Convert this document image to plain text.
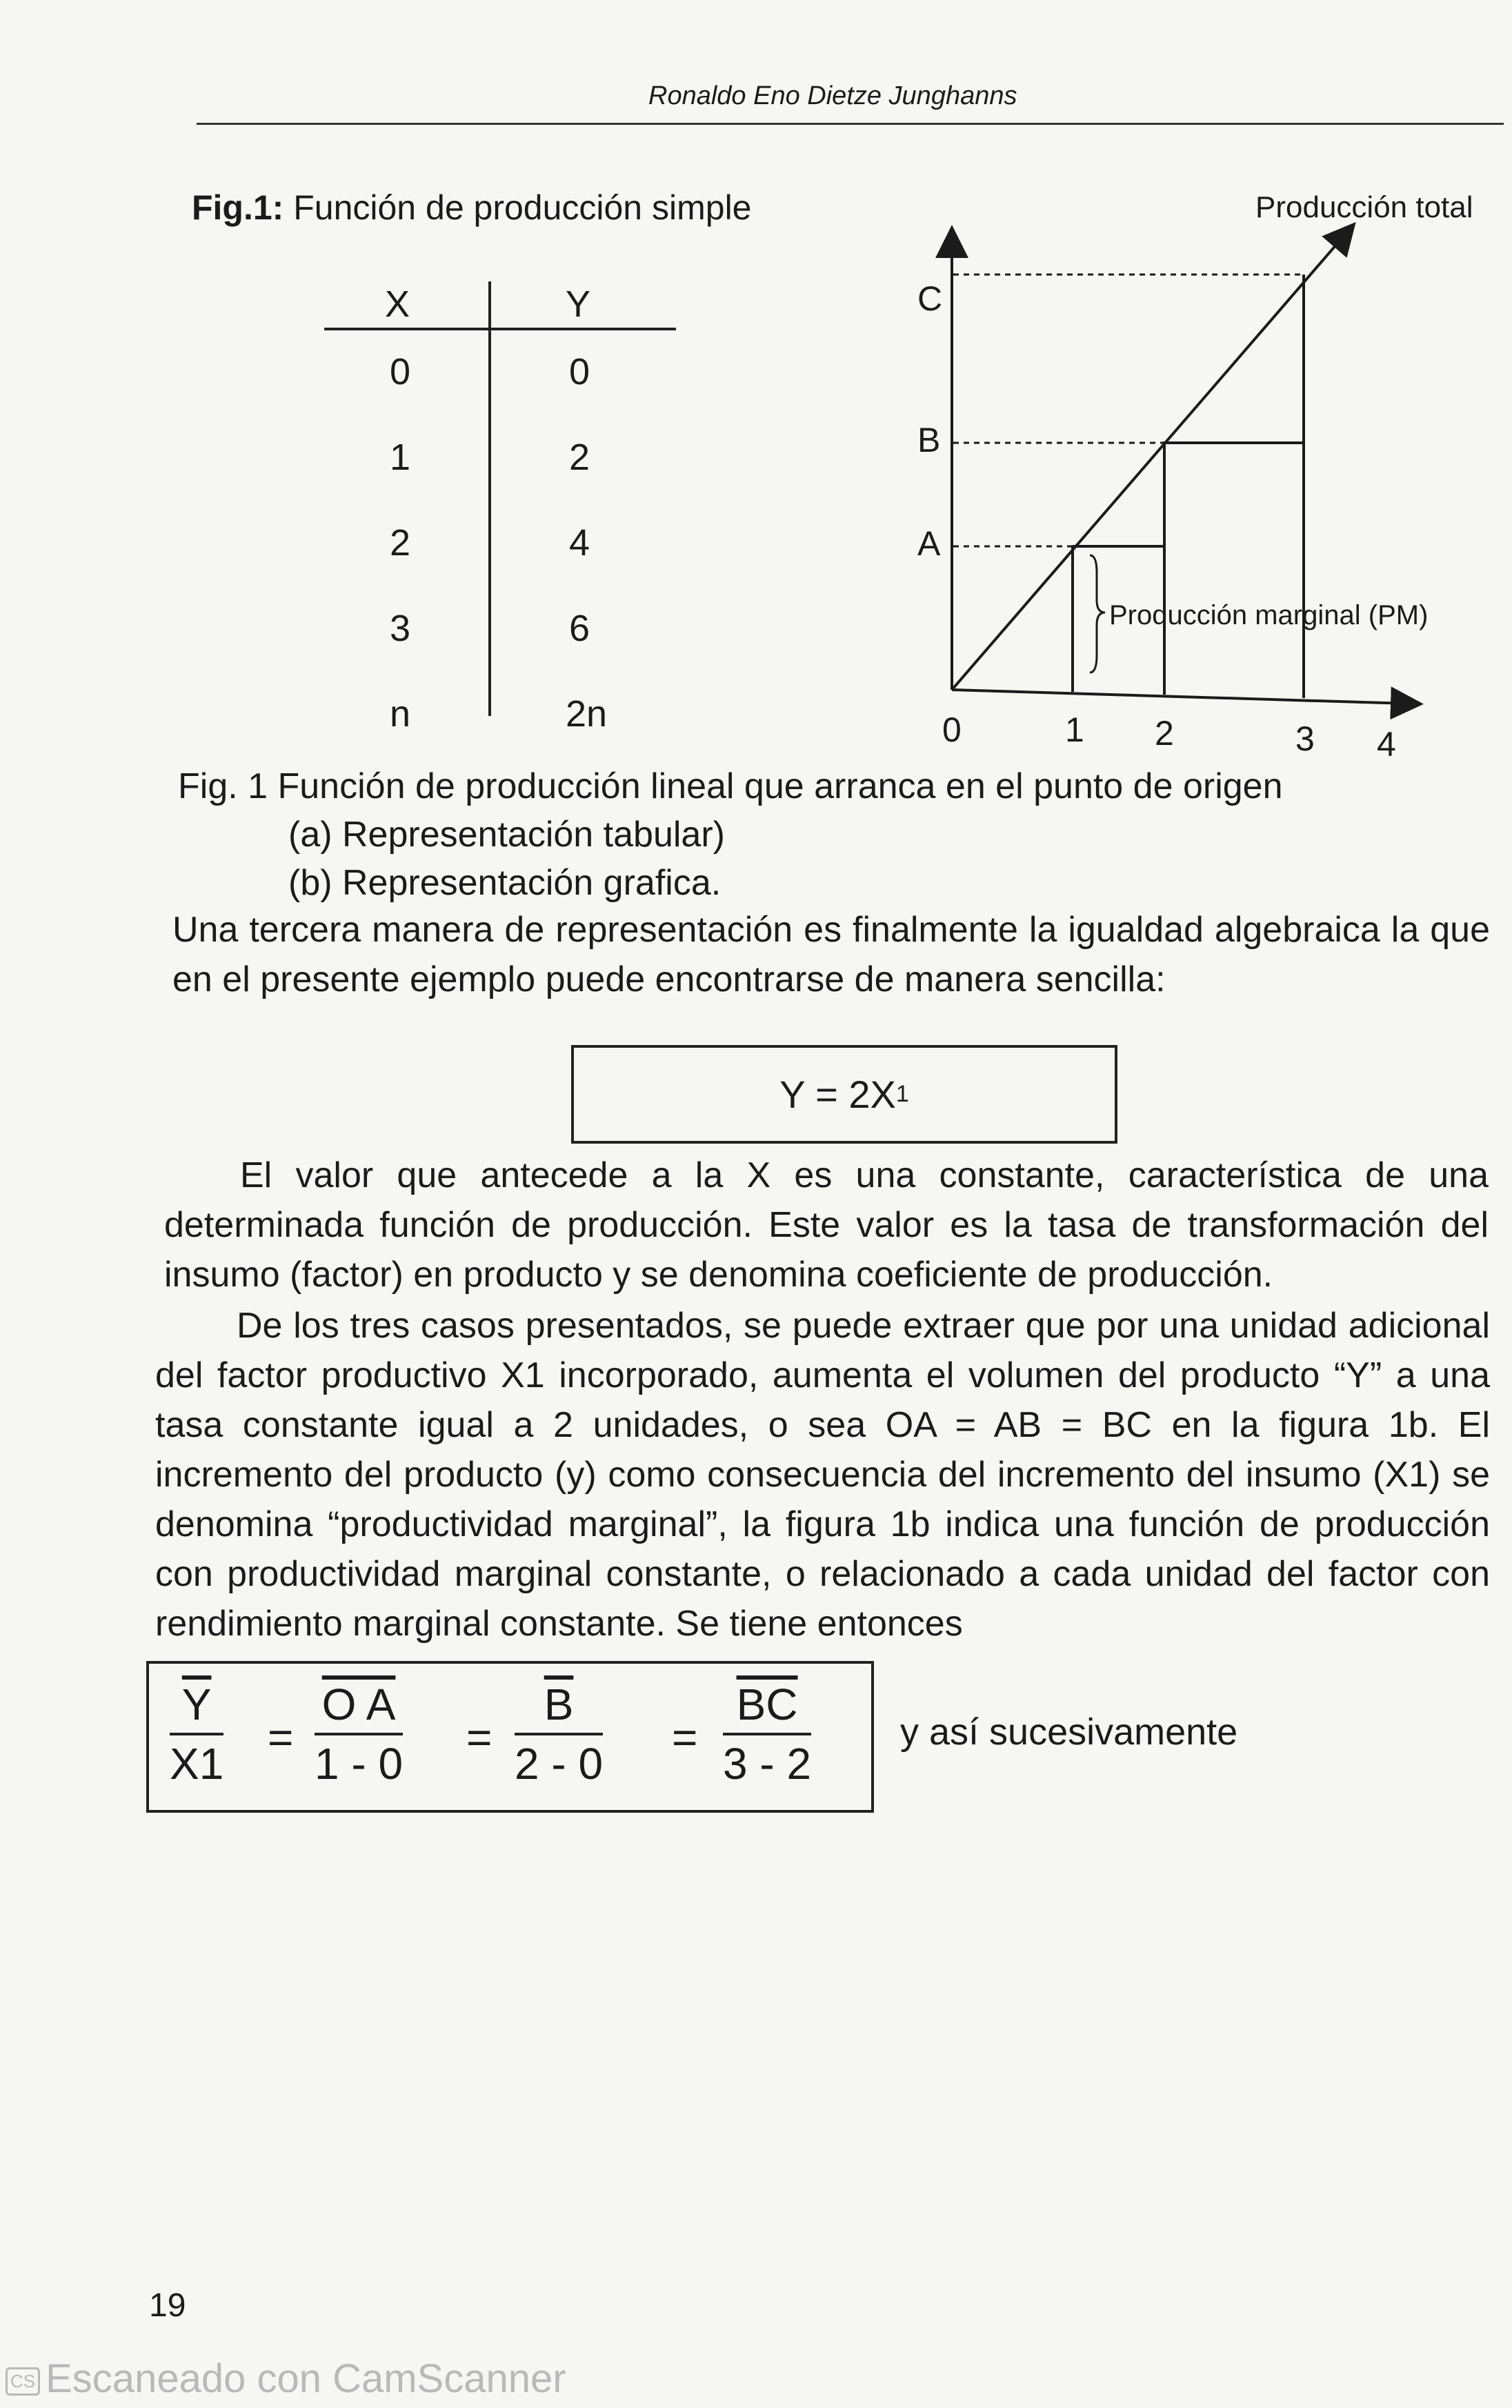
Ronaldo Eno Dietze Junghanns
Fig.1: Función de producción simple
X	Y
0	0
1	2
2	4
3	6
n	2n
C
B
A
0	1 2	3 4
Producción total
Producción marginal (PM)
Fig. 1 Función de producción lineal que arranca en el punto de origen
(a) Representación tabular)
(b) Representación grafica.
Una tercera manera de representación es finalmente la igualdad algebraica la que en el presente ejemplo puede encontrarse de manera sencilla:
Y = 2X 1
El valor que antecede a la X es una constante, característica de una determinada función de producción. Este valor es la tasa de transformación del insumo (factor) en producto y se denomina coeficiente de producción.
De los tres casos presentados, se puede extraer que por una unidad adicional del factor productivo X1 incorporado, aumenta el volumen del producto “Y” a una tasa constante igual a 2 unidades, o sea OA = AB = BC en la figura 1b. El incremento del producto (y) como consecuencia del incremento del insumo (X1) se denomina “productividad marginal”, la figura 1b indica una función de producción con productividad marginal constante, o relacionado a cada unidad del factor con rendimiento marginal constante. Se tiene entonces
$\frac{\overline{Y}}{X1} = \frac{\text{O A}}{1 - 0} = \frac{\overline{B}}{2 - 0} = \frac{\overline{BC}}{3 - 2}$ y así sucesivamente
19
CS Escaneado con CamScanner
